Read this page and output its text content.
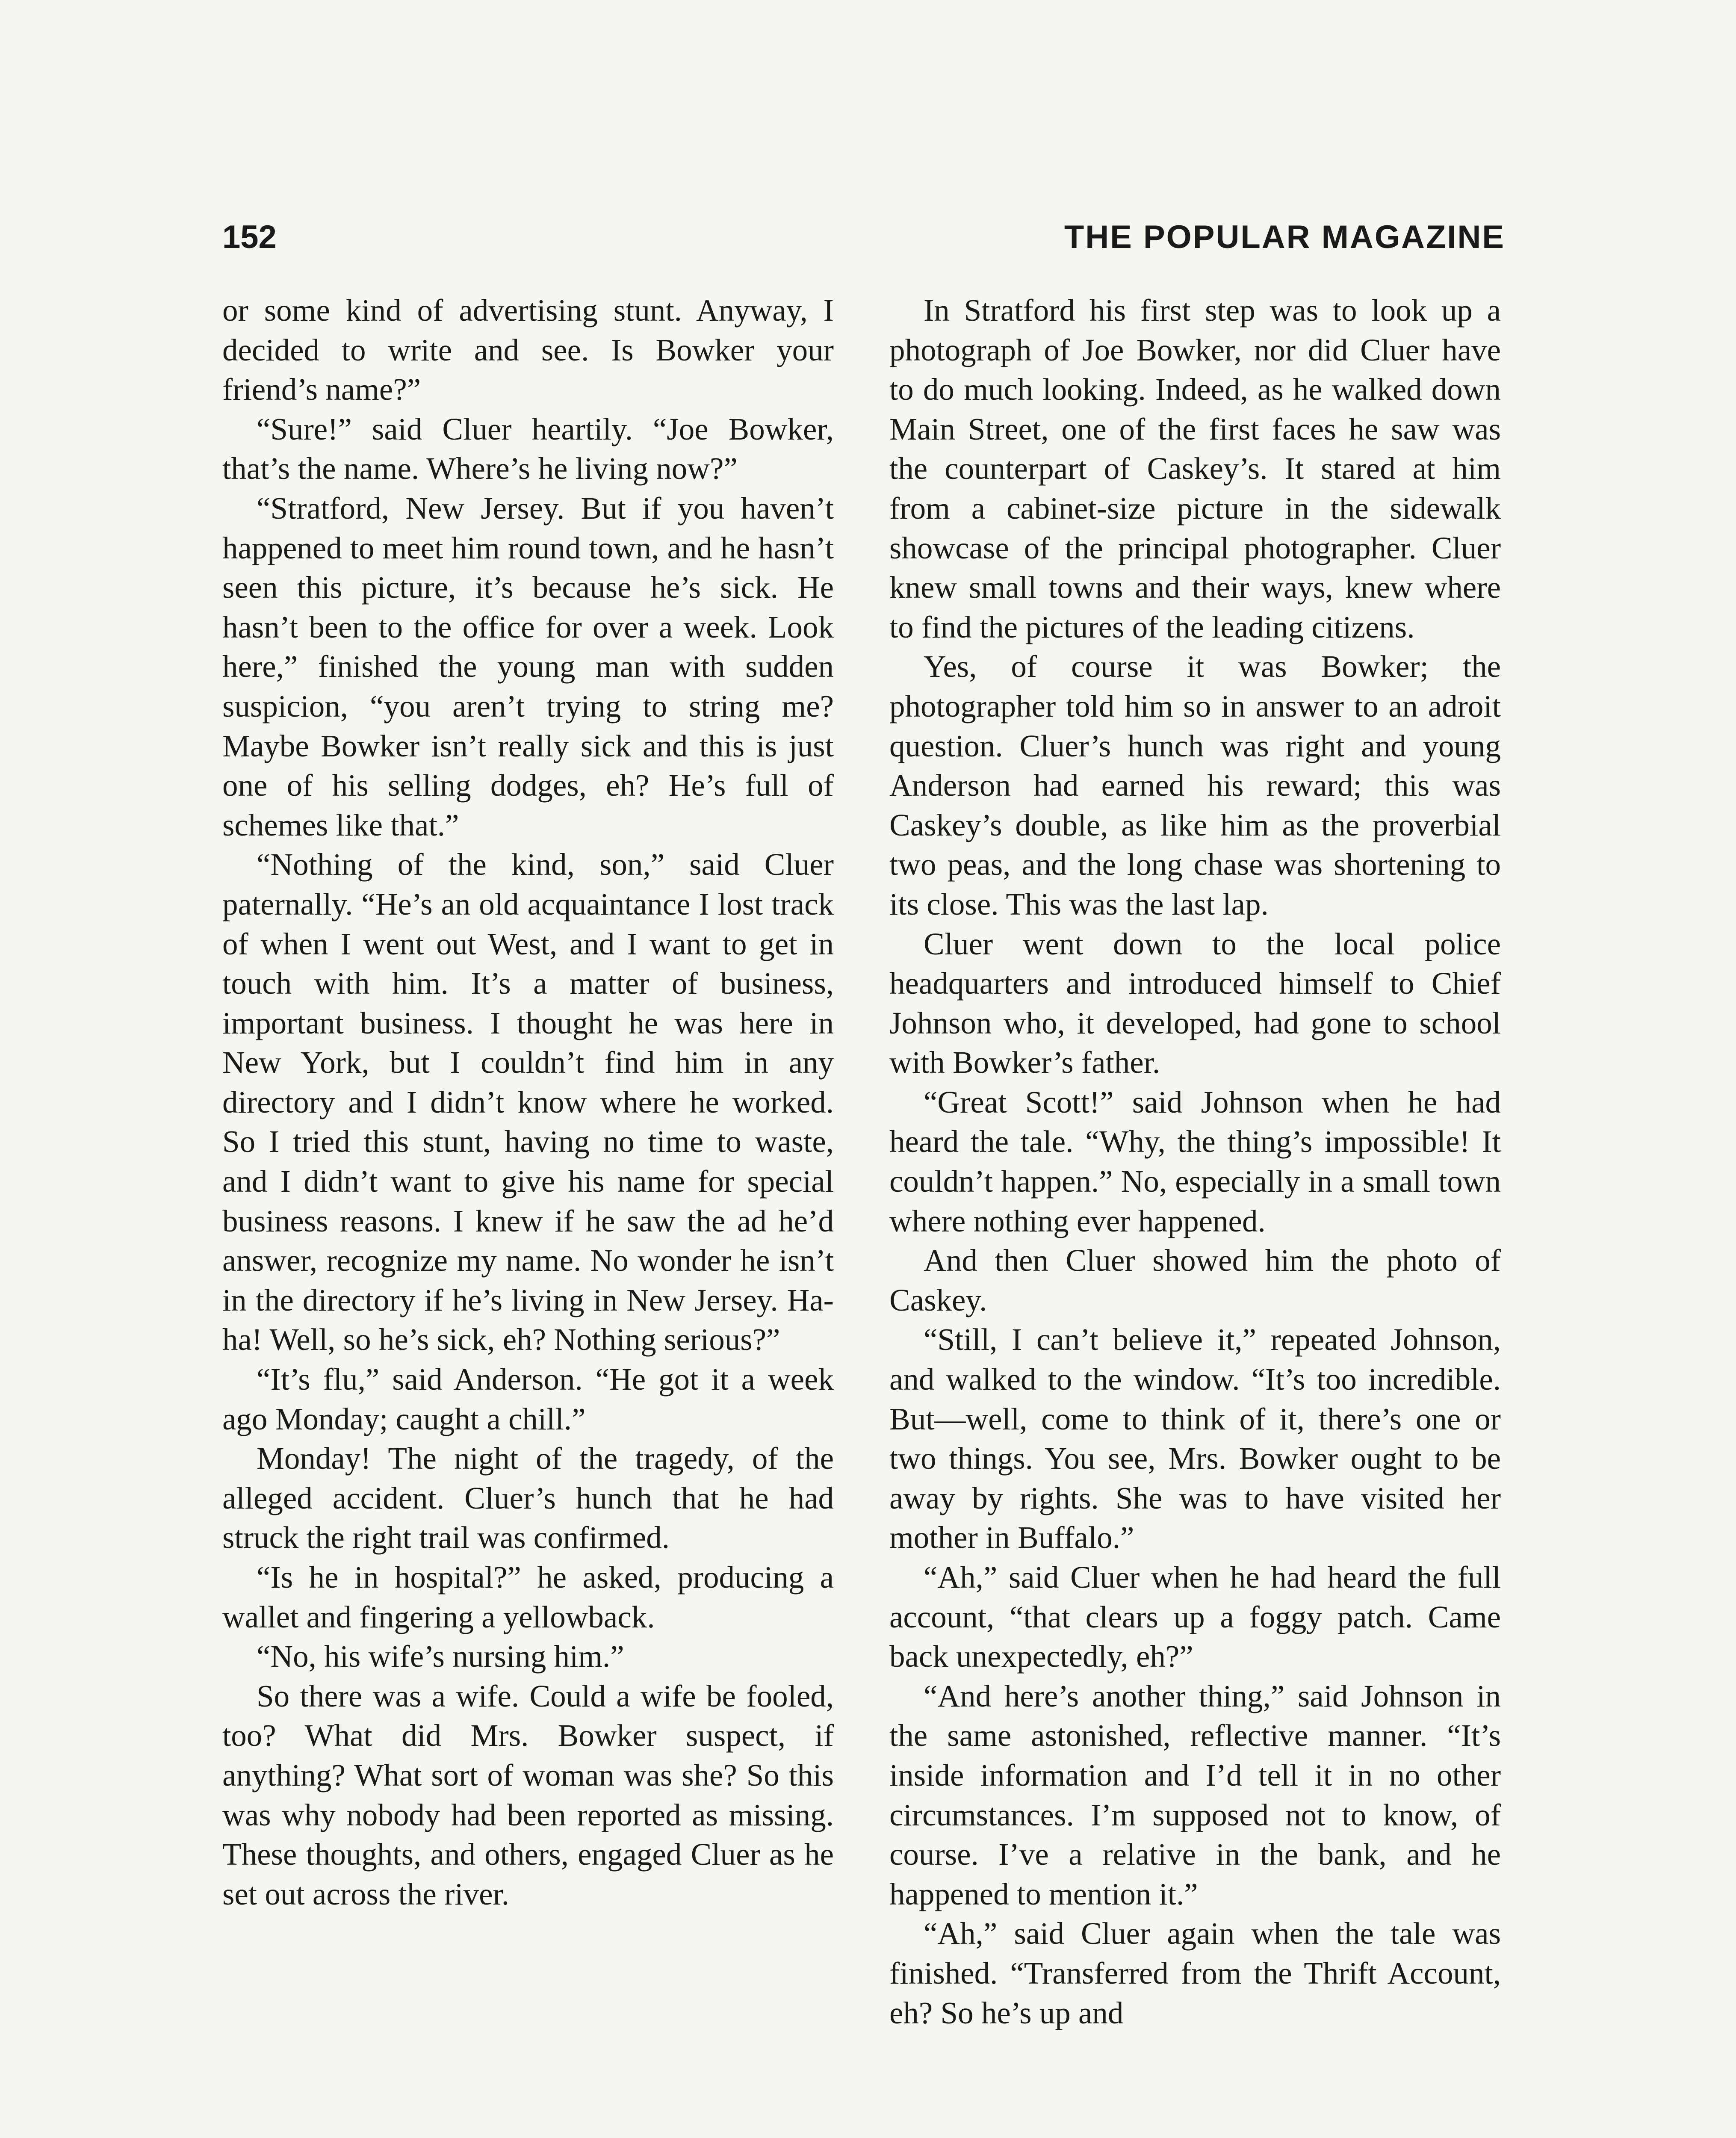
152	THE POPULAR MAGAZINE

or some kind of advertising stunt. Anyway, I decided to write and see. Is Bowker your friend’s name?”

“Sure!” said Cluer heartily. “Joe Bowker, that’s the name. Where’s he living now?”

“Stratford, New Jersey. But if you haven’t happened to meet him round town, and he hasn’t seen this picture, it’s because he’s sick. He hasn’t been to the office for over a week. Look here,” finished the young man with sudden suspicion, “you aren’t trying to string me? Maybe Bowker isn’t really sick and this is just one of his selling dodges, eh? He’s full of schemes like that.”

“Nothing of the kind, son,” said Cluer paternally. “He’s an old acquaintance I lost track of when I went out West, and I want to get in touch with him. It’s a matter of business, important business. I thought he was here in New York, but I couldn’t find him in any directory and I didn’t know where he worked. So I tried this stunt, having no time to waste, and I didn’t want to give his name for special business reasons. I knew if he saw the ad he’d answer, recognize my name. No wonder he isn’t in the directory if he’s living in New Jersey. Ha-ha! Well, so he’s sick, eh? Nothing serious?”

“It’s flu,” said Anderson. “He got it a week ago Monday; caught a chill.”

Monday! The night of the tragedy, of the alleged accident. Cluer’s hunch that he had struck the right trail was confirmed.

“Is he in hospital?” he asked, producing a wallet and fingering a yellowback.

“No, his wife’s nursing him.”

So there was a wife. Could a wife be fooled, too? What did Mrs. Bowker suspect, if anything? What sort of woman was she? So this was why nobody had been reported as missing. These thoughts, and others, engaged Cluer as he set out across the river.

In Stratford his first step was to look up a photograph of Joe Bowker, nor did Cluer have to do much looking. Indeed, as he walked down Main Street, one of the first faces he saw was the counterpart of Caskey’s. It stared at him from a cabinet-size picture in the sidewalk showcase of the principal photographer. Cluer knew small towns and their ways, knew where to find the pictures of the leading citizens.

Yes, of course it was Bowker; the photographer told him so in answer to an adroit question. Cluer’s hunch was right and young Anderson had earned his reward; this was Caskey’s double, as like him as the proverbial two peas, and the long chase was shortening to its close. This was the last lap.

Cluer went down to the local police headquarters and introduced himself to Chief Johnson who, it developed, had gone to school with Bowker’s father.

“Great Scott!” said Johnson when he had heard the tale. “Why, the thing’s impossible! It couldn’t happen.” No, especially in a small town where nothing ever happened.

And then Cluer showed him the photo of Caskey.

“Still, I can’t believe it,” repeated Johnson, and walked to the window. “It’s too incredible. But—well, come to think of it, there’s one or two things. You see, Mrs. Bowker ought to be away by rights. She was to have visited her mother in Buffalo.”

“Ah,” said Cluer when he had heard the full account, “that clears up a foggy patch. Came back unexpectedly, eh?”

“And here’s another thing,” said Johnson in the same astonished, reflective manner. “It’s inside information and I’d tell it in no other circumstances. I’m supposed not to know, of course. I’ve a relative in the bank, and he happened to mention it.”

“Ah,” said Cluer again when the tale was finished. “Transferred from the Thrift Account, eh? So he’s up and
